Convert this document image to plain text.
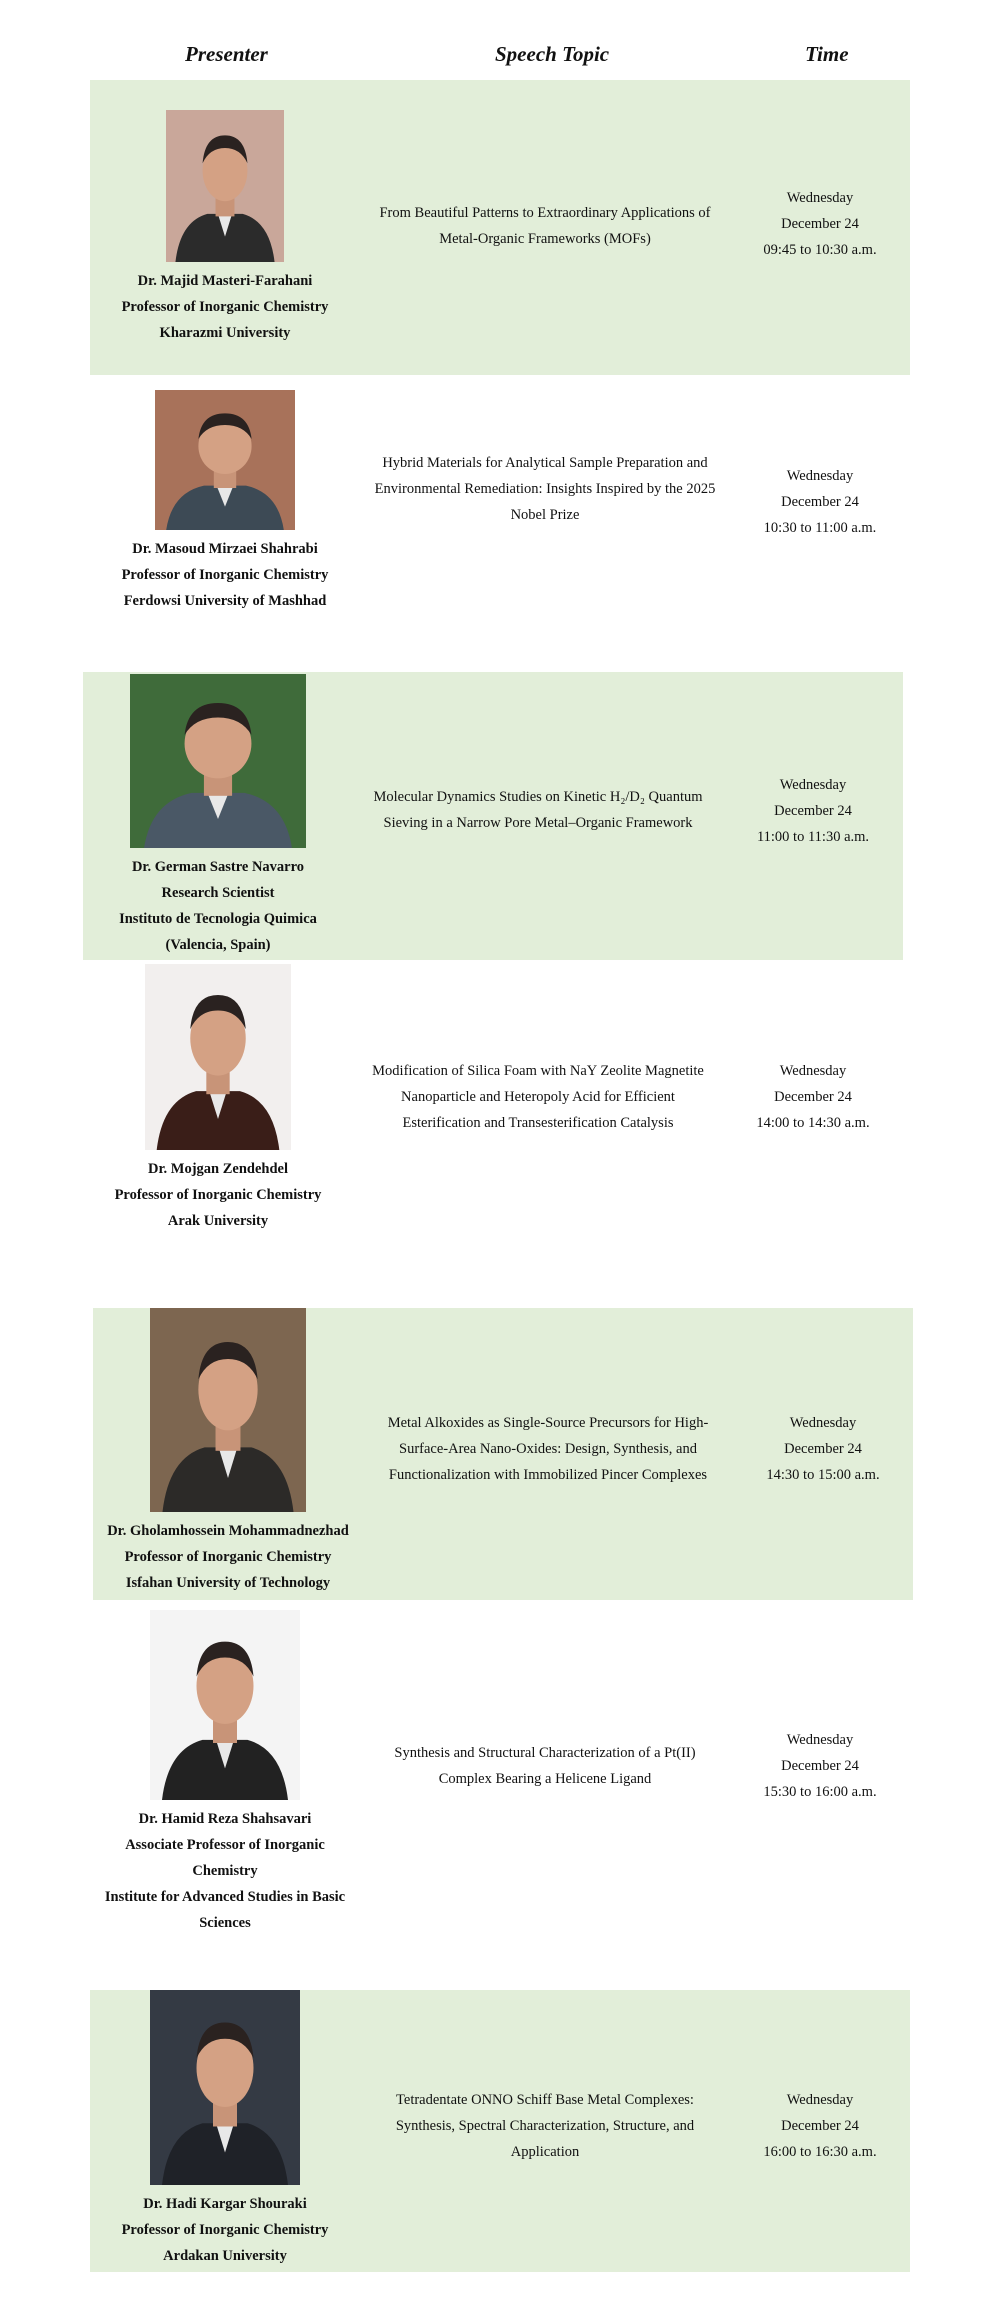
Presenter	Speech Topic	Time
Dr. Majid Masteri-Farahani
Professor of Inorganic Chemistry
Kharazmi University
From Beautiful Patterns to Extraordinary Applications of
Metal-Organic Frameworks (MOFs)
Wednesday
December 24
09:45 to 10:30 a.m.
Dr. Masoud Mirzaei Shahrabi
Professor of Inorganic Chemistry
Ferdowsi University of Mashhad
Hybrid Materials for Analytical Sample Preparation and
Environmental Remediation: Insights Inspired by the 2025
Nobel Prize
Wednesday
December 24
10:30 to 11:00 a.m.
Dr. German Sastre Navarro
Research Scientist
Instituto de Tecnologia Quimica
(Valencia, Spain)
Molecular Dynamics Studies on Kinetic H₂/D₂ Quantum
Sieving in a Narrow Pore Metal–Organic Framework
Wednesday
December 24
11:00 to 11:30 a.m.
Dr. Mojgan Zendehdel
Professor of Inorganic Chemistry
Arak University
Modification of Silica Foam with NaY Zeolite Magnetite
Nanoparticle and Heteropoly Acid for Efficient
Esterification and Transesterification Catalysis
Wednesday
December 24
14:00 to 14:30 a.m.
Dr. Gholamhossein Mohammadnezhad
Professor of Inorganic Chemistry
Isfahan University of Technology
Metal Alkoxides as Single-Source Precursors for High-
Surface-Area Nano-Oxides: Design, Synthesis, and
Functionalization with Immobilized Pincer Complexes
Wednesday
December 24
14:30 to 15:00 a.m.
Dr. Hamid Reza Shahsavari
Associate Professor of Inorganic
Chemistry
Institute for Advanced Studies in Basic
Sciences
Synthesis and Structural Characterization of a Pt(II)
Complex Bearing a Helicene Ligand
Wednesday
December 24
15:30 to 16:00 a.m.
Dr. Hadi Kargar Shouraki
Professor of Inorganic Chemistry
Ardakan University
Tetradentate ONNO Schiff Base Metal Complexes:
Synthesis, Spectral Characterization, Structure, and
Application
Wednesday
December 24
16:00 to 16:30 a.m.
